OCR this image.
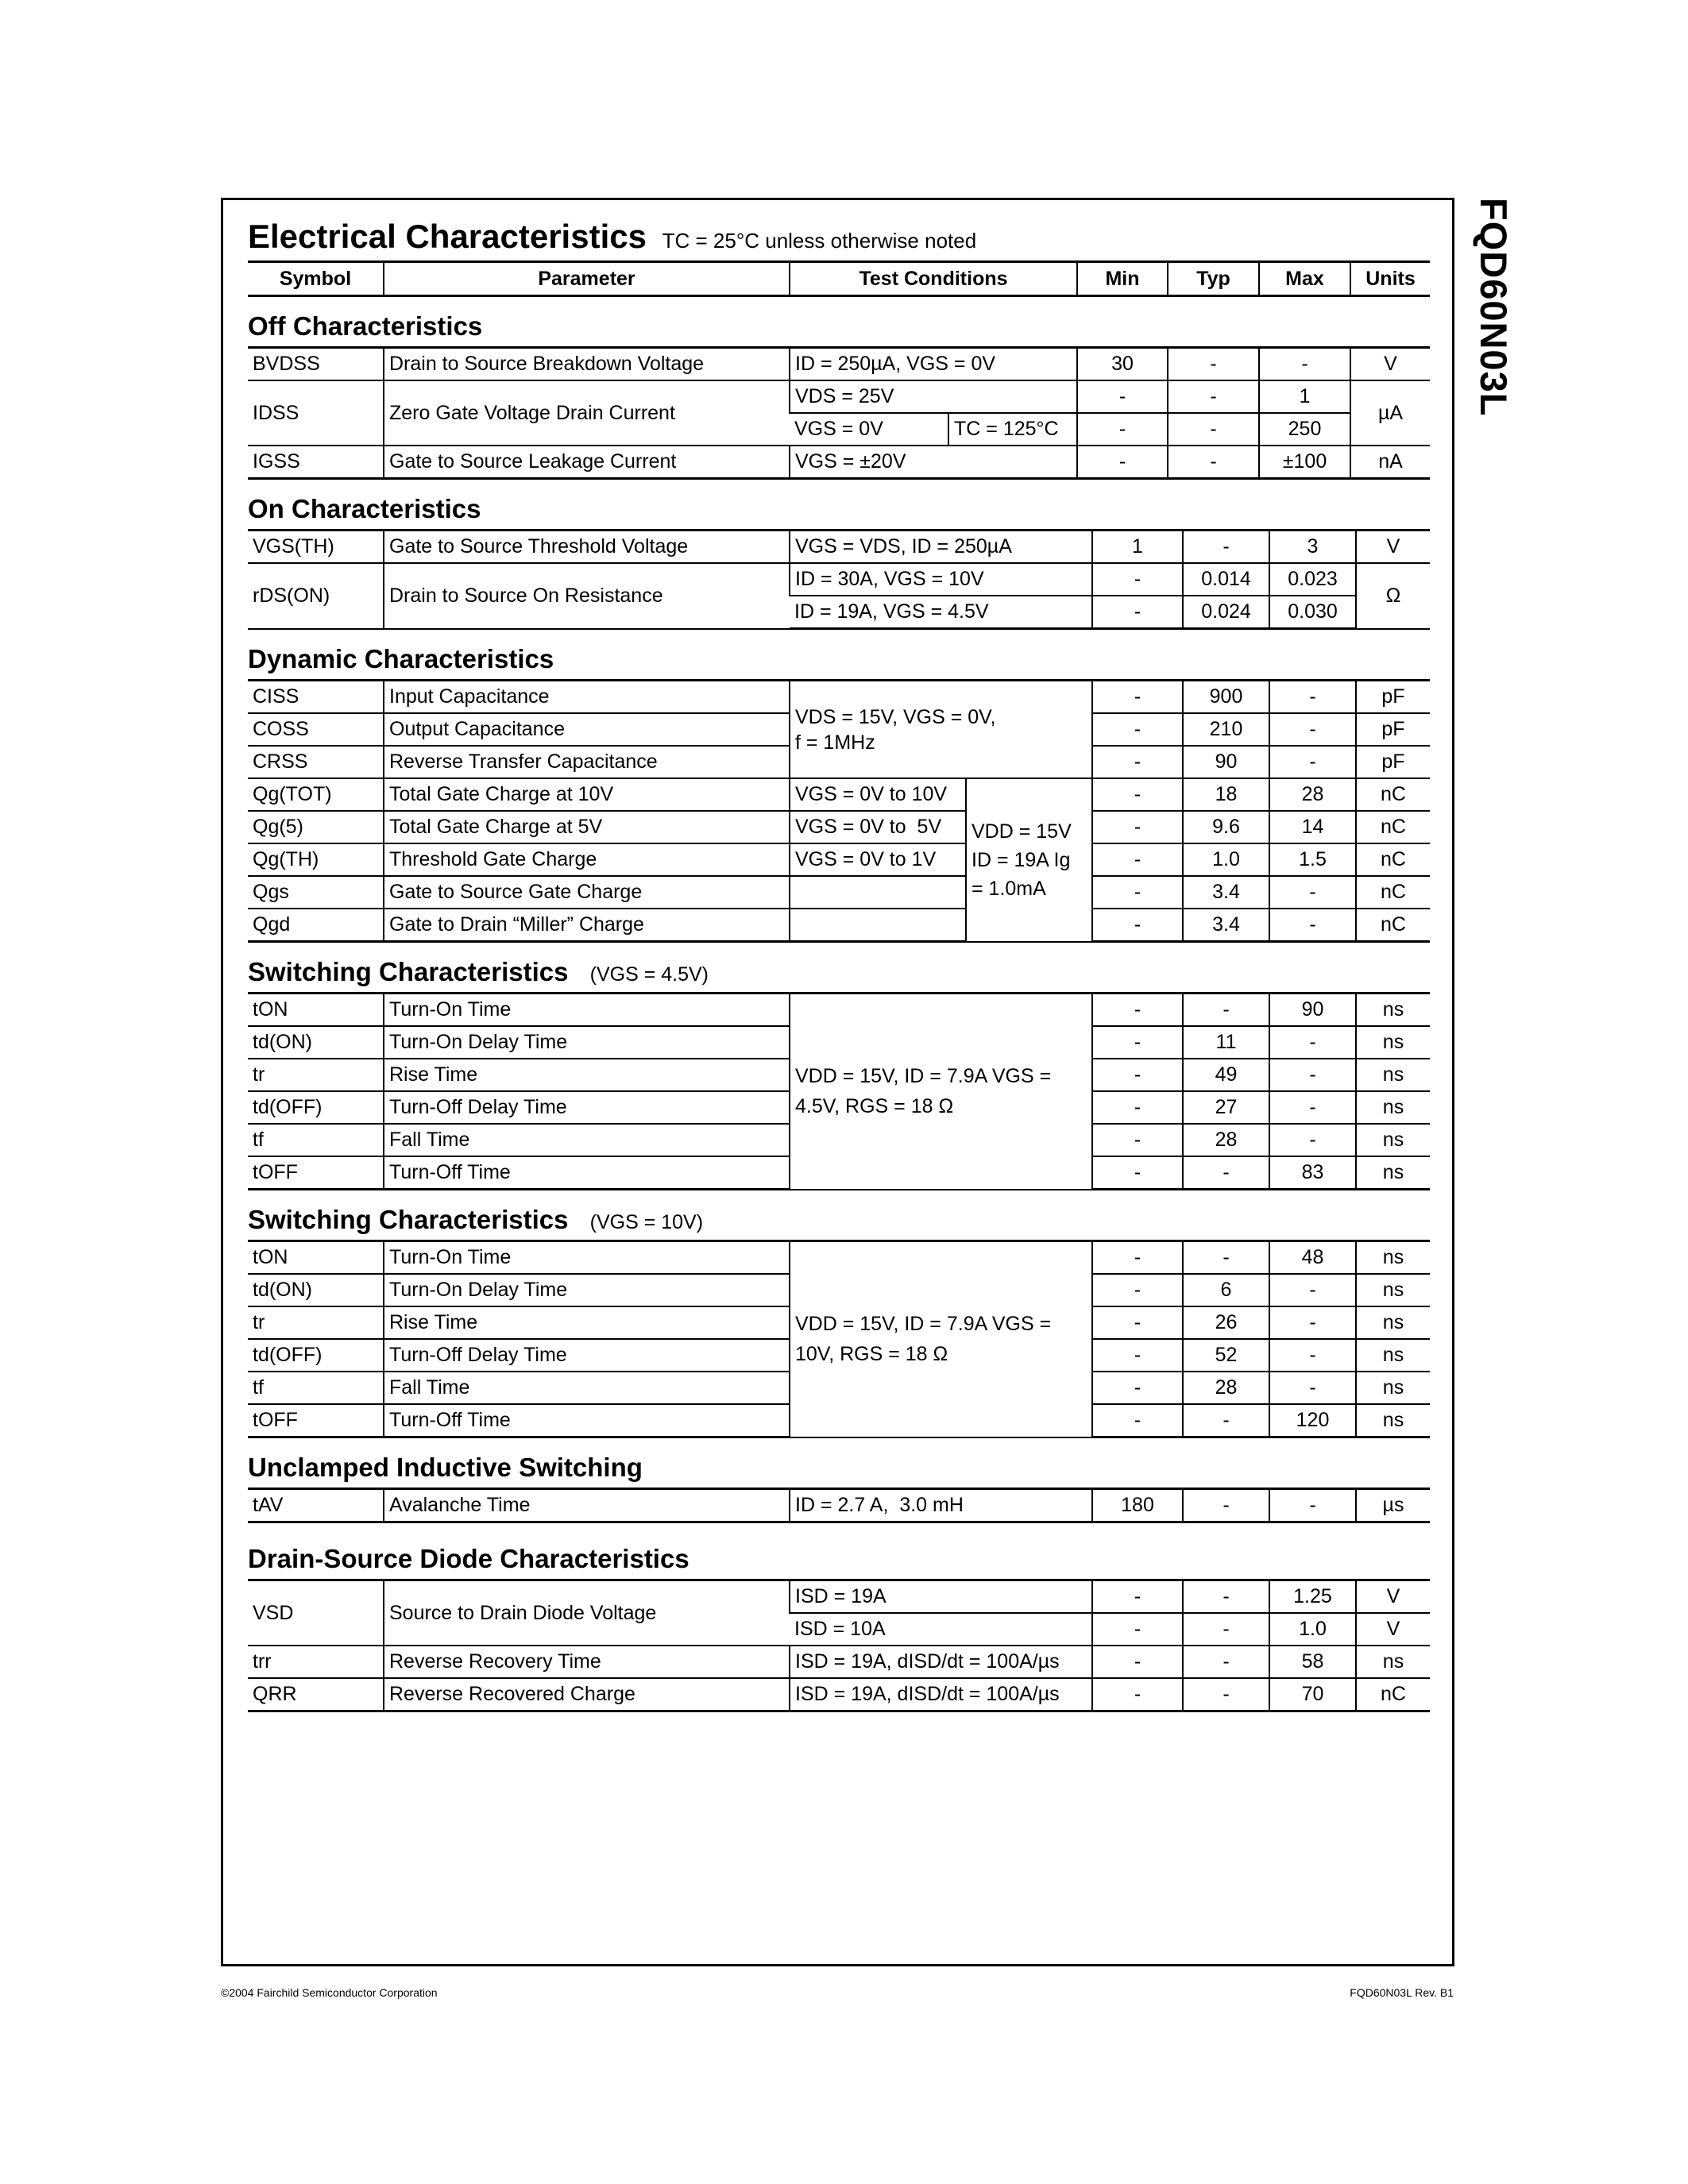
FQD60N03L
Electrical Characteristics TC = 25°C unless otherwise noted
Symbol	Parameter	Test Conditions	Min	Typ	Max	Units
Off Characteristics
BVDSS	Drain to Source Breakdown Voltage	ID = 250µA, VGS = 0V		30	-	-	V
IDSS	Zero Gate Voltage Drain Current	VDS = 25V		-	-	1	µA
		VGS = 0V	TC = 125°C	-	-	250	
IGSS	Gate to Source Leakage Current	VGS = ±20V		-	-	±100	nA
On Characteristics
VGS(TH)	Gate to Source Threshold Voltage	VGS = VDS, ID = 250µA	1	-	3	V
rDS(ON)	Drain to Source On Resistance	ID = 30A, VGS = 10V	-	0.014	0.023	Ω
		ID = 19A, VGS = 4.5V	-	0.024	0.030	
Dynamic Characteristics
CISS	Input Capacitance	VDS = 15V, VGS = 0V, f = 1MHz		-	900	-	pF
COSS	Output Capacitance			-	210	-	pF
CRSS	Reverse Transfer Capacitance			-	90	-	pF
Qg(TOT)	Total Gate Charge at 10V	VGS = 0V to 10V	VDD = 15V ID = 19A Ig = 1.0mA	-	18	28	nC
Qg(5)	Total Gate Charge at 5V	VGS = 0V to  5V		-	9.6	14	nC
Qg(TH)	Threshold Gate Charge	VGS = 0V to 1V		-	1.0	1.5	nC
Qgs	Gate to Source Gate Charge			-	3.4	-	nC
Qgd	Gate to Drain “Miller” Charge			-	3.4	-	nC
Switching Characteristics (VGS = 4.5V)
tON	Turn-On Time	VDD = 15V, ID = 7.9A VGS = 4.5V, RGS = 18 Ω	-	-	90	ns
td(ON)	Turn-On Delay Time		-	11	-	ns
tr	Rise Time		-	49	-	ns
td(OFF)	Turn-Off Delay Time		-	27	-	ns
tf	Fall Time		-	28	-	ns
tOFF	Turn-Off Time		-	-	83	ns
Switching Characteristics (VGS = 10V)
tON	Turn-On Time	VDD = 15V, ID = 7.9A VGS = 10V, RGS = 18 Ω	-	-	48	ns
td(ON)	Turn-On Delay Time		-	6	-	ns
tr	Rise Time		-	26	-	ns
td(OFF)	Turn-Off Delay Time		-	52	-	ns
tf	Fall Time		-	28	-	ns
tOFF	Turn-Off Time		-	-	120	ns
Unclamped Inductive Switching
tAV	Avalanche Time	ID = 2.7 A,  3.0 mH	180	-	-	µs
Drain-Source Diode Characteristics
VSD	Source to Drain Diode Voltage	ISD = 19A	-	-	1.25	V
		ISD = 10A	-	-	1.0	V
trr	Reverse Recovery Time	ISD = 19A, dISD/dt = 100A/µs	-	-	58	ns
QRR	Reverse Recovered Charge	ISD = 19A, dISD/dt = 100A/µs	-	-	70	nC
©2004 Fairchild Semiconductor Corporation	FQD60N03L Rev. B1
